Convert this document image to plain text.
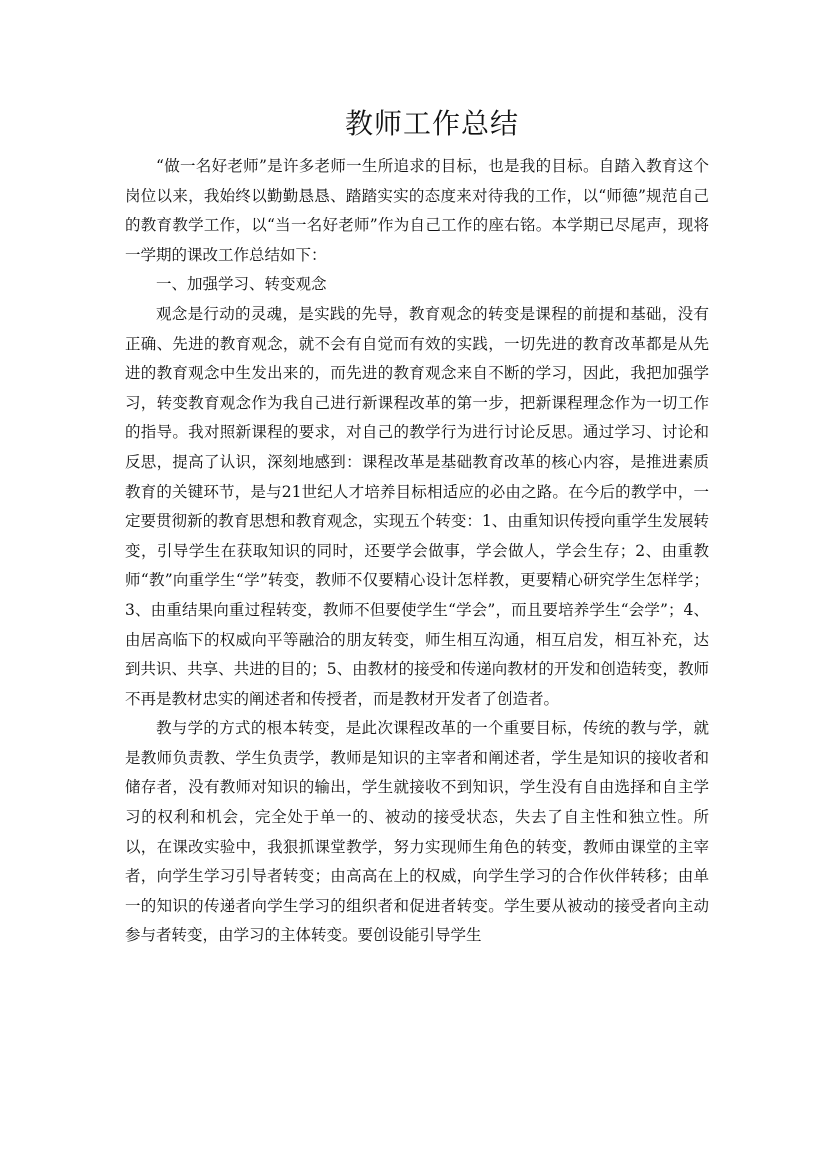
教师工作总结

“做一名好老师”是许多老师一生所追求的目标，也是我的目标。自踏入教育这个岗位以来，我始终以勤勤恳恳、踏踏实实的态度来对待我的工作，以“师德”规范自己的教育教学工作，以“当一名好老师”作为自己工作的座右铭。本学期已尽尾声，现将一学期的课改工作总结如下：

一、加强学习、转变观念

观念是行动的灵魂，是实践的先导，教育观念的转变是课程的前提和基础，没有正确、先进的教育观念，就不会有自觉而有效的实践，一切先进的教育改革都是从先进的教育观念中生发出来的，而先进的教育观念来自不断的学习，因此，我把加强学习，转变教育观念作为我自己进行新课程改革的第一步，把新课程理念作为一切工作的指导。我对照新课程的要求，对自己的教学行为进行讨论反思。通过学习、讨论和反思，提高了认识，深刻地感到：课程改革是基础教育改革的核心内容，是推进素质教育的关键环节，是与21世纪人才培养目标相适应的必由之路。在今后的教学中，一定要贯彻新的教育思想和教育观念，实现五个转变：1、由重知识传授向重学生发展转变，引导学生在获取知识的同时，还要学会做事，学会做人，学会生存；2、由重教师“教”向重学生“学”转变，教师不仅要精心设计怎样教，更要精心研究学生怎样学；3、由重结果向重过程转变，教师不但要使学生“学会”，而且要培养学生“会学”；4、由居高临下的权威向平等融洽的朋友转变，师生相互沟通，相互启发，相互补充，达到共识、共享、共进的目的；5、由教材的接受和传递向教材的开发和创造转变，教师不再是教材忠实的阐述者和传授者，而是教材开发者了创造者。

教与学的方式的根本转变，是此次课程改革的一个重要目标，传统的教与学，就是教师负责教、学生负责学，教师是知识的主宰者和阐述者，学生是知识的接收者和储存者，没有教师对知识的输出，学生就接收不到知识，学生没有自由选择和自主学习的权利和机会，完全处于单一的、被动的接受状态，失去了自主性和独立性。所以，在课改实验中，我狠抓课堂教学，努力实现师生角色的转变，教师由课堂的主宰者，向学生学习引导者转变；由高高在上的权威，向学生学习的合作伙伴转移；由单一的知识的传递者向学生学习的组织者和促进者转变。学生要从被动的接受者向主动参与者转变，由学习的主体转变。要创设能引导学生
